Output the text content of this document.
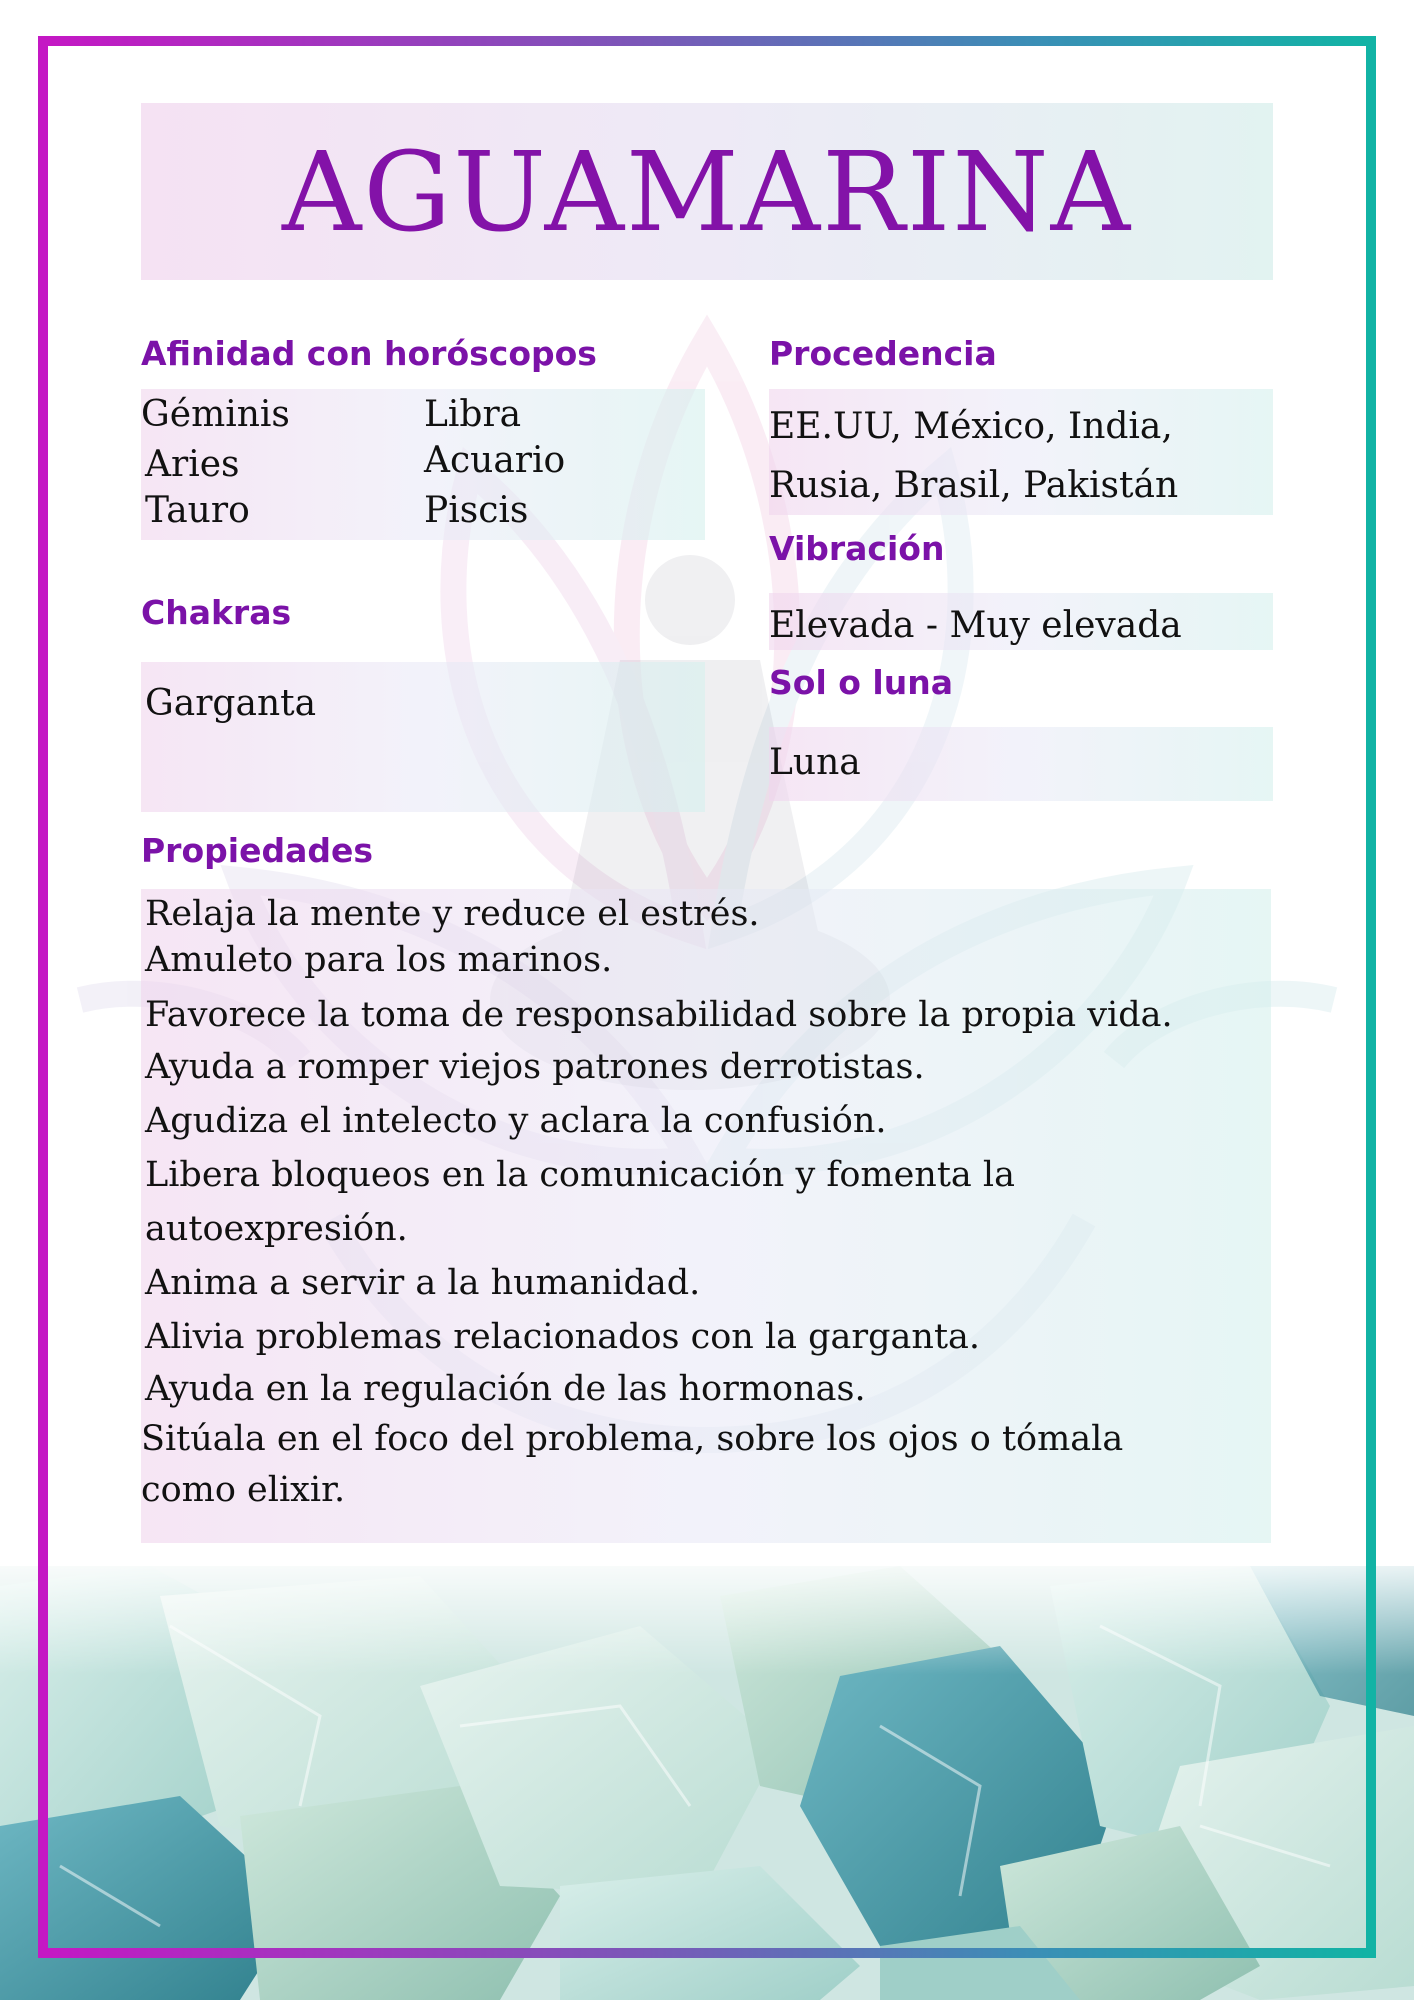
AGUAMARINA
Afinidad con horóscopos
Géminis
Aries
Tauro
Libra
Acuario
Piscis
Procedencia
EE.UU, México, India,
Rusia, Brasil, Pakistán
Vibración
Elevada - Muy elevada
Chakras
Garganta
Sol o luna
Luna
Propiedades
Relaja la mente y reduce el estrés.
Amuleto para los marinos.
Favorece la toma de responsabilidad sobre la propia vida.
Ayuda a romper viejos patrones derrotistas.
Agudiza el intelecto y aclara la confusión.
Libera bloqueos en la comunicación y fomenta la
autoexpresión.
Anima a servir a la humanidad.
Alivia problemas relacionados con la garganta.
Ayuda en la regulación de las hormonas.
Sitúala en el foco del problema, sobre los ojos o tómala
como elixir.
